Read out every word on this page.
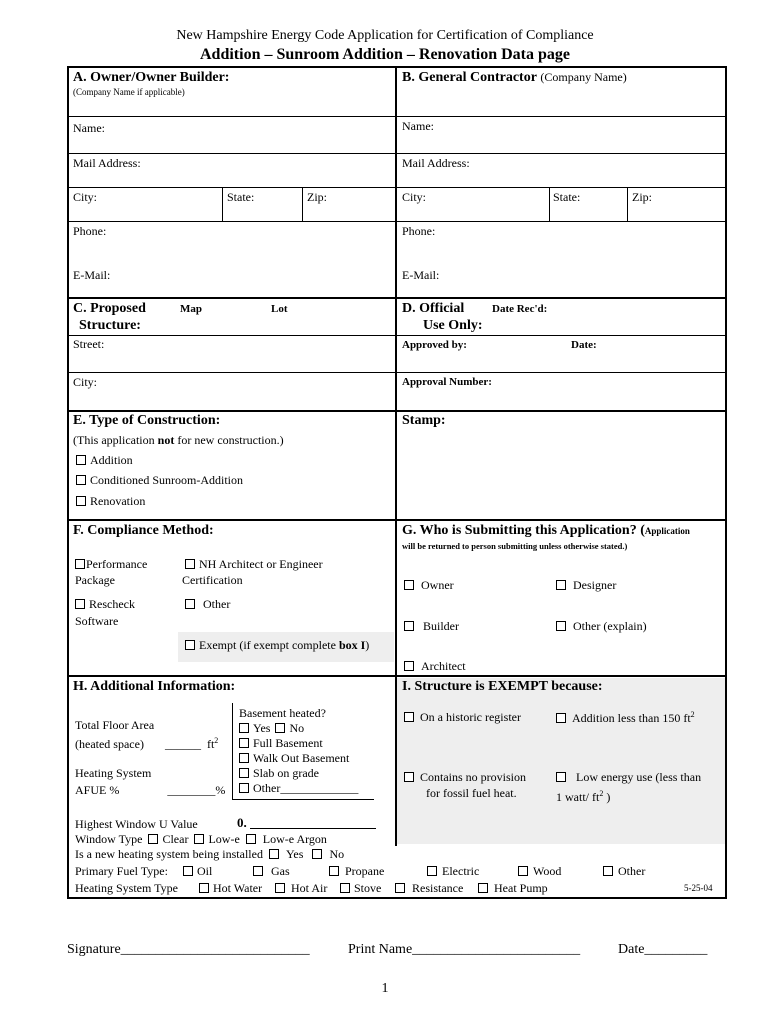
New Hampshire Energy Code Application for Certification of Compliance
Addition – Sunroom Addition – Renovation Data page
A. Owner/Owner Builder:
(Company Name if applicable)
Name:
Mail Address:
City:	State:	Zip:
Phone:
E-Mail:
B. General Contractor (Company Name)
Name:
Mail Address:
City:	State:	Zip:
Phone:
E-Mail:
C. Proposed
Structure:
Map	Lot
Street:
City:
D. Official
Use Only:
Date Rec'd:
Approved by:	Date:
Approval Number:
E. Type of Construction:
(This application not for new construction.)
Addition
Conditioned Sunroom-Addition
Renovation
Stamp:
F. Compliance Method:
Performance
Package
NH Architect or Engineer
Certification
Rescheck
Software
Other
Exempt (if exempt complete box I)
G. Who is Submitting this Application? (Application
will be returned to person submitting unless otherwise stated.)
Owner	Designer
Builder	Other (explain)
Architect
H. Additional Information:
Total Floor Area
(heated space) ______ $ft^2$
Heating System
AFUE %	________%
Basement heated?
Yes No
Full Basement
Walk Out Basement
Slab on grade
Other_____________
Highest Window U Value	0.
Window Type Clear Low-e Low-e Argon
Is a new heating system being installed Yes No
Primary Fuel Type:	Oil	Gas	Propane	Electric	Wood	Other
Heating System Type	Hot Water	Hot Air	Stove	Resistance	Heat Pump	5-25-04
I. Structure is EXEMPT because:
On a historic register	Addition less than 150 $ft^2$
Contains no provision
for fossil fuel heat.
Low energy use (less than
1 watt/ $ft^2$ )
Signature___________________________	Print Name________________________	Date_________
1
